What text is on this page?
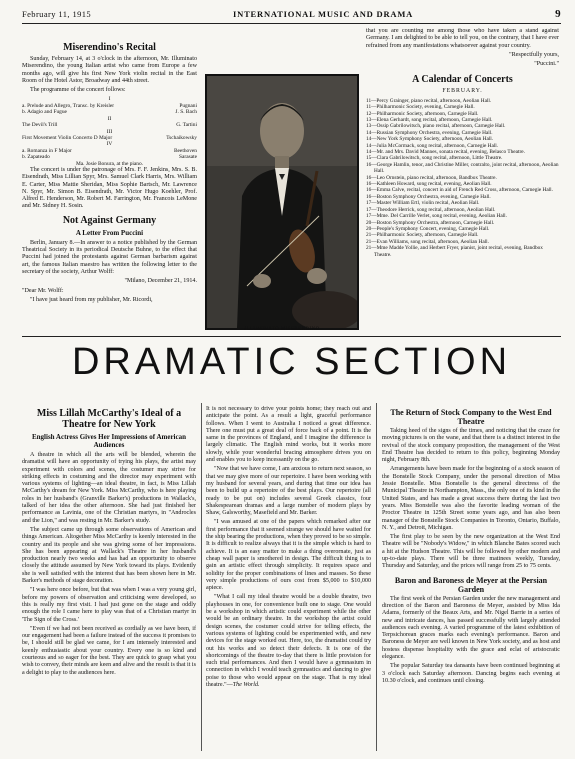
February 11, 1915	INTERNATIONAL MUSIC AND DRAMA	9
Miserendino's Recital

Sunday, February 14, at 3 o'clock in the afternoon, Mr. Illuminato Miserendino, the young Italian artist who came from Europe a few months ago, will give his first New York violin recital in the East Room of the Hotel Astor, Broadway and 44th street.

The programme of the concert follows:

I
a. Prelude and Allegro, Transc. by Kreisler	Pugnani
b. Adagio and Fugue	J. S. Bach
II
The Devil's Trill	G. Tartini
III
First Movement Violin Concerto D Major	Tschaikowsky
IV
a. Romanza in F Major	Beethoven
b. Zapateado	Sarasate
Ma. Josie Bonura, at the piano.

The concert is under the patronage of Mrs. F. F. Jenkins, Mrs. S. B. Eisendrath, Miss Lillian Spyr, Mrs. Samuel Clark Harris, Mrs. William E. Carter, Miss Mattie Sheridan, Miss Sophie Bartsch, Mr. Lawrence N. Spyr, Mr. Simon B. Eisendrath, Mr. Victor Hugo Koehler, Prof. Alfred E. Henderson, Mr. Robert M. Farrington, Mr. Francois LeMone and Mr. Sidney H. Sosin.

Not Against Germany
A Letter From Puccini

Berlin, January 8.—In answer to a notice published by the German Theatrical Society in its periodical Deutsche Buhne, to the effect that Puccini had joined the protestants against German barbarism against art, the famous Italian maestro has written the following letter to the secretary of the society, Arthur Wolff:

"Milano, December 21, 1914.

"Dear Mr. Wolff:

"I have just heard from my publisher, Mr. Ricordi,

ILLUMINATO MISERENDINO

that you are counting me among those who have taken a stand against Germany. I am delighted to be able to tell you, on the contrary, that I have ever refrained from any manifestations whatsoever against your country.

"Respectfully yours,

"Puccini."

A Calendar of Concerts
FEBRUARY.
11—Percy Grainger, piano recital, afternoon, Aeolian Hall.
11—Philharmonic Society, evening, Carnegie Hall.
12—Philharmonic Society, afternoon, Carnegie Hall.
13—Elena Gerhardt, song recital, afternoon, Carnegie Hall.
13—Ossip Gabrilowitsch, piano recital, afternoon, Carnegie Hall.
14—Russian Symphony Orchestra, evening, Carnegie Hall.
14—New York Symphony Society, afternoon, Aeolian Hall.
14—Julia McCormack, song recital, afternoon, Carnegie Hall.
14—Mr. and Mrs. David Mannes, sonata recital, evening, Belasco Theatre.
15—Clara Gabrilowitsch, song recital, afternoon, Little Theatre.
16—George Hamlin, tenor, and Christine Miller, contralto, joint recital, afternoon, Aeolian Hall.
16—Leo Ornstein, piano recital, afternoon, Bandbox Theatre.
16—Kathleen Howard, song recital, evening, Aeolian Hall.
16—Emma Calve, recital, concert in aid of French Red Cross, afternoon, Carnegie Hall.
16—Boston Symphony Orchestra, evening, Carnegie Hall.
17—Master William Ertl, violin recital, Aeolian Hall.
17—Theodore Herrick, song recital, afternoon, Aeolian Hall.
17—Mme. Del Carrille Verlet, song recital, evening, Aeolian Hall.
20—Boston Symphony Orchestra, afternoon, Carnegie Hall.
20—People's Symphony Concert, evening, Carnegie Hall.
21—Philharmonic Society, afternoon, Carnegie Hall.
21—Evan Williams, song recital, afternoon, Aeolian Hall.
21—Mme Madde Yollie, and Herbert Fryer, pianist, joint recital, evening, Bandbox Theatre.
DRAMATIC SECTION
Miss Lillah McCarthy's Ideal of a Theatre for New York
English Actress Gives Her Impressions of American Audiences

A theatre in which all the arts will be blended, wherein the dramatist will have an opportunity of trying his plays, the artist may experiment with colors and scenes, the costumer may strive for striking effects in costuming and the director may experiment with various systems of lighting—an ideal theatre, in fact, is Miss Lillah McCarthy's dream for New York. Miss McCarthy, who is here playing roles in her husband's (Granville Barker's) productions in Wallack's, talked of her idea the other afternoon. She had just finished her performance as Lavinia, one of the Christian martyrs, in "Androcles and the Lion," and was resting in Mr. Barker's study.

The subject came up through some observations of American and things American. Altogether Miss McCarthy is keenly interested in the country and its people and she was giving some of her impressions. She has been appearing at Wallack's Theatre in her husband's production nearly two weeks and has had an opportunity to observe closely the attitude assumed by New York toward its plays. Evidently she is well satisfied with the interest that has been shown here in Mr. Barker's methods of stage decoration.

"I was here once before, but that was when I was a very young girl, before my powers of observation and criticising were developed, so this is really my first visit. I had just gone on the stage and oddly enough the role I came here to play was that of a Christian martyr in 'The Sign of the Cross.'

"Even if we had not been received as cordially as we have been, if our engagement had been a failure instead of the success it promises to be, I should still be glad we came, for I am intensely interested and keenly enthusiastic about your country. Every one is so kind and courteous and so eager for the best. They are quick to grasp what you wish to convey, their minds are keen and alive and the result is that it is a delight to play to the audiences here.

It is not necessary to drive your points home; they reach out and anticipate the point. As a result a light, graceful performance follows. When I went to Australia I noticed a great difference. There one must put a great deal of force back of a point. It is the same in the provinces of England, and I imagine the difference is largely climatic. The English mind works, but it works more slowly, while your wonderful bracing atmosphere drives you on and enables you to keep incessantly on the go.

"Now that we have come, I am anxious to return next season, so that we may give more of our repertoire. I have been working with my husband for several years, and during that time our idea has been to build up a repertoire of the best plays. Our repertoire (all ready to be put on) includes several Greek classics, four Shakespearean dramas and a large number of modern plays by Shaw, Galsworthy, Masefield and Mr. Barker.

"I was amused at one of the papers which remarked after our first performance that it seemed strange we should have waited for the ship bearing the productions, when they proved to be so simple. It is difficult to realize always that it is the simple which is hard to achieve. It is an easy matter to make a thing overornate, just as cheap wall paper is smothered in design. The difficult thing is to gain an artistic effect through simplicity. It requires space and solidity for the proper combinations of lines and masses. So these very simple productions of ours cost from $5,000 to $10,000 apiece.

"What I call my ideal theatre would be a double theatre, two playhouses in one, for convenience built one to stage. One would be a workshop in which artistic could experiment while the other would be an ordinary theatre. In the workshop the artist could design scenes, the costumer could strive for telling effects, the various systems of lighting could be experimented with, and new devices for the stage worked out. Here, too, the dramatist could try out his works and so detect their defects. It is one of the shortcomings of the theatre to-day that there is little provision for such trial performances. And then I would have a gymnasium in connection in which I would teach gymnastics and dancing to give poise to those who would appear on the stage. That is my ideal theatre."—The World.

The Return of Stock Company to the West End Theatre

Taking heed of the signs of the times, and noticing that the craze for moving pictures is on the wane, and that there is a distinct interest in the revival of the stock company proposition, the management of the West End Theatre has decided to return to this policy, beginning Monday night, February 8th.

Arrangements have been made for the beginning of a stock season of the Bonstelle Stock Company, under the personal direction of Miss Jessie Bonstelle. Miss Bonstelle is the general directress of the Municipal Theatre in Northampton, Mass., the only one of its kind in the United States, and has made a great success there during the last two years. Miss Bonstelle was also the favorite leading woman of the Proctor Theatre in 125th Street some years ago, and has also been manager of the Bonstelle Stock Companies in Toronto, Ontario, Buffalo, N. Y., and Detroit, Michigan.

The first play to be seen by the new organization at the West End Theatre will be "Nobody's Widow," in which Blanche Bates scored such a hit at the Hudson Theatre. This will be followed by other modern and up-to-date plays. There will be three matinees weekly, Tuesday, Thursday and Saturday, and the prices will range from 25 to 75 cents.

Baron and Baroness de Meyer at the Persian Garden

The first week of the Persian Garden under the new management and direction of the Baron and Baroness de Meyer, assisted by Miss Ida Adams, formerly of the Beaux Arts, and Mr. Nigel Barrie in a series of new and intricate dances, has passed successfully with largely attended audiences each evening. A varied programme of the latest exhibition of Terpsichorean graces marks each evening's performance. Baron and Baroness de Meyer are well known in New York society, and as host and hostess dispense hospitality with the grace and eclat of aristocratic elegance.

The popular Saturday tea dansants have been continued beginning at 3 o'clock each Saturday afternoon. Dancing begins each evening at 10.30 o'clock, and continues until closing.
